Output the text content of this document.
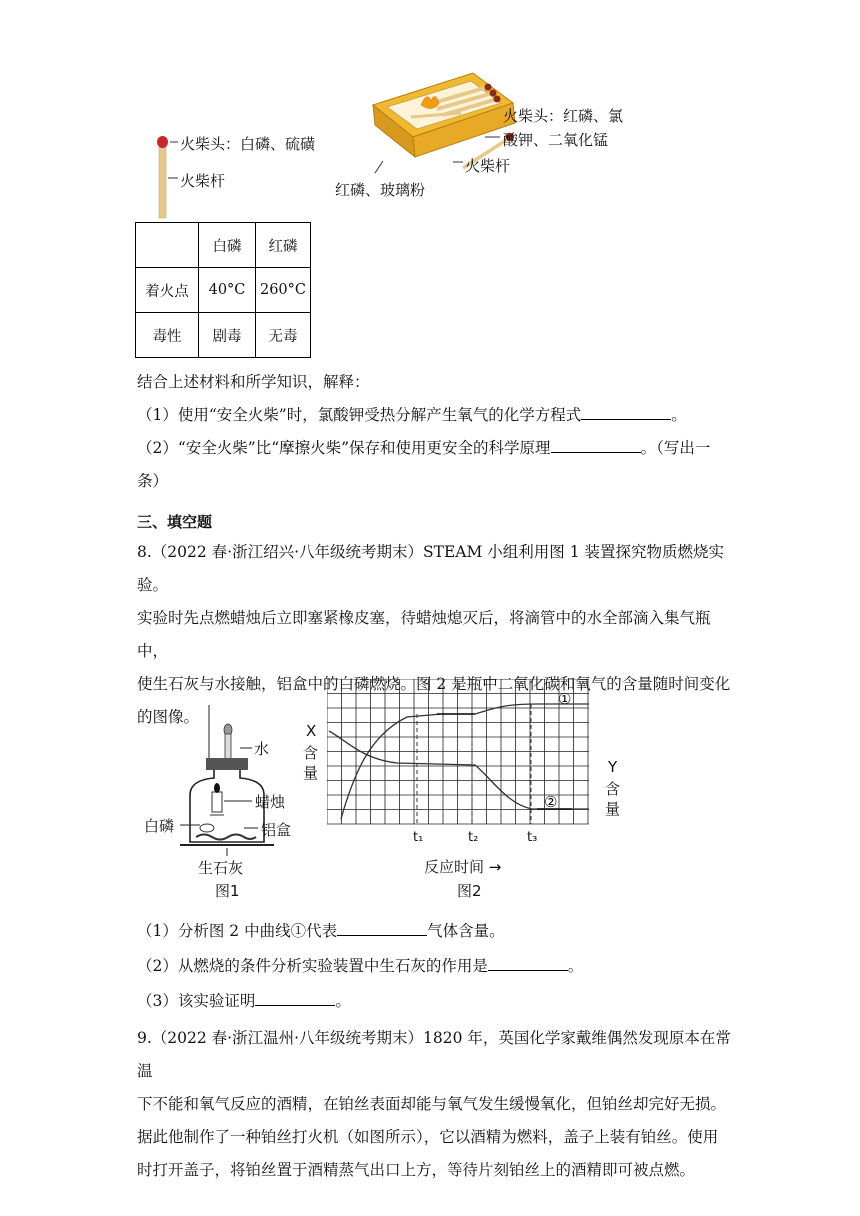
火柴头：白磷、硫磺
火柴杆
火柴头：红磷、氯
酸钾、二氧化锰
火柴杆
红磷、玻璃粉
	白磷	红磷
着火点	40°C	260°C
毒性	剧毒	无毒
结合上述材料和所学知识，解释：
（1）使用“安全火柴”时，氯酸钾受热分解产生氧气的化学方程式	。
（2）“安全火柴”比“摩擦火柴”保存和使用更安全的科学原理	。（写出一条）
三、填空题
8.（2022 春·浙江绍兴·八年级统考期末）STEAM 小组利用图 1 装置探究物质燃烧实验。
实验时先点燃蜡烛后立即塞紧橡皮塞，待蜡烛熄灭后，将滴管中的水全部滴入集气瓶中，
使生石灰与水接触，铝盒中的白磷燃烧。图 2 是瓶中二氧化碳和氧气的含量随时间变化
的图像。
水
蜡烛
白磷	铝盒
生石灰
图1
X
含
量	Y
含
量
①
②
t₁	t₂	t₃
反应时间 →
图2
（1）分析图 2 中曲线①代表	气体含量。
（2）从燃烧的条件分析实验装置中生石灰的作用是	。
（3）该实验证明	。
9.（2022 春·浙江温州·八年级统考期末）1820 年，英国化学家戴维偶然发现原本在常温
下不能和氧气反应的酒精，在铂丝表面却能与氧气发生缓慢氧化，但铂丝却完好无损。
据此他制作了一种铂丝打火机（如图所示），它以酒精为燃料，盖子上装有铂丝。使用
时打开盖子，将铂丝置于酒精蒸气出口上方，等待片刻铂丝上的酒精即可被点燃。
